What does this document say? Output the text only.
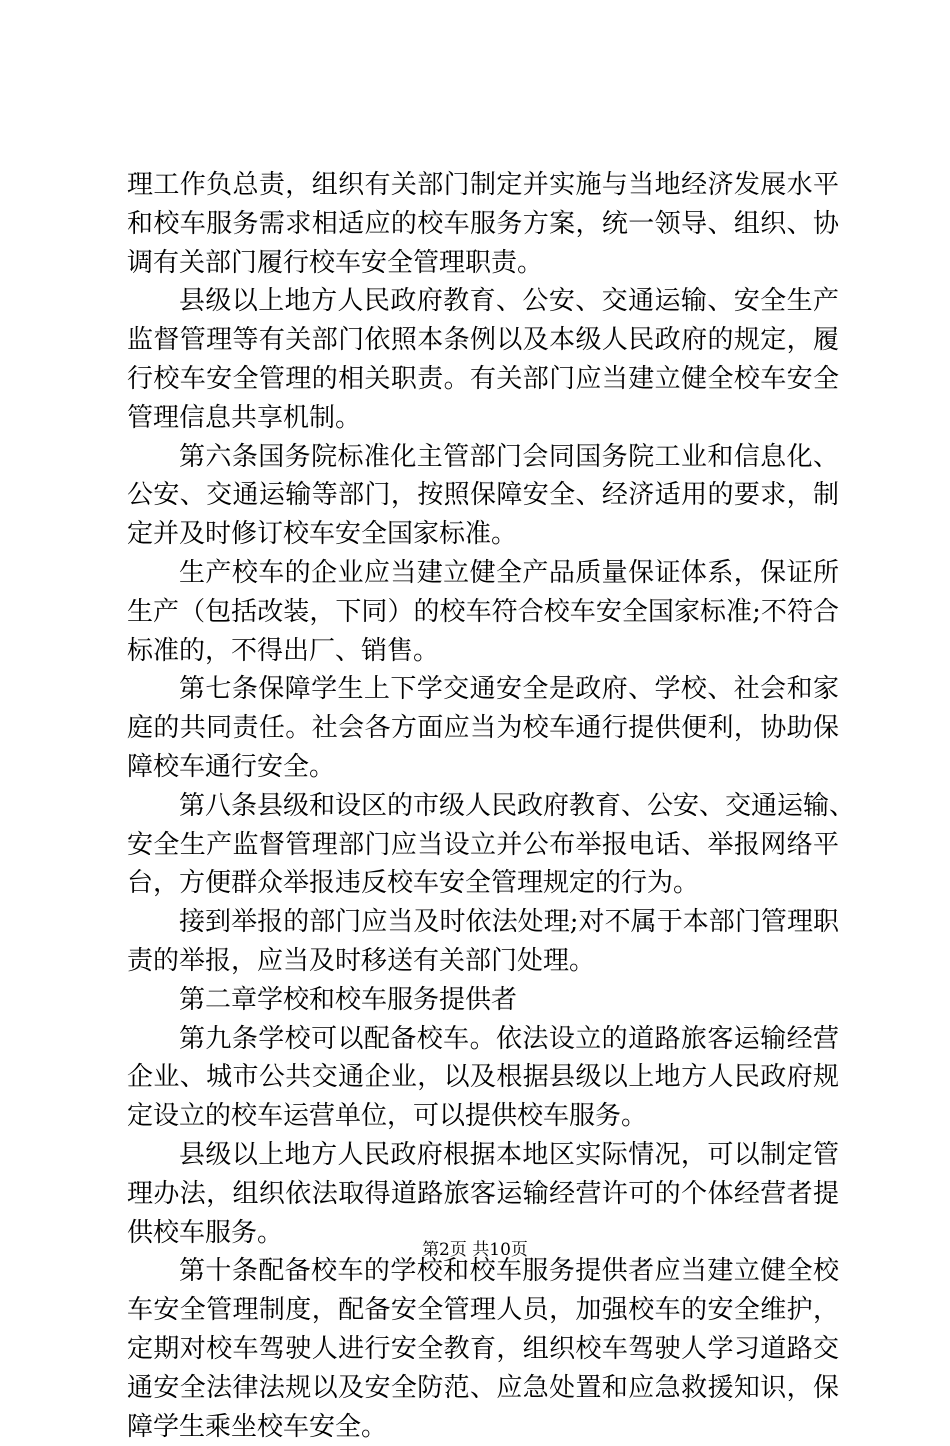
理工作负总责，组织有关部门制定并实施与当地经济发展水平
和校车服务需求相适应的校车服务方案，统一领导、组织、协
调有关部门履行校车安全管理职责。
县级以上地方人民政府教育、公安、交通运输、安全生产
监督管理等有关部门依照本条例以及本级人民政府的规定，履
行校车安全管理的相关职责。有关部门应当建立健全校车安全
管理信息共享机制。
第六条国务院标准化主管部门会同国务院工业和信息化、
公安、交通运输等部门，按照保障安全、经济适用的要求，制
定并及时修订校车安全国家标准。
生产校车的企业应当建立健全产品质量保证体系，保证所
生产（包括改装，下同）的校车符合校车安全国家标准;不符合
标准的，不得出厂、销售。
第七条保障学生上下学交通安全是政府、学校、社会和家
庭的共同责任。社会各方面应当为校车通行提供便利，协助保
障校车通行安全。
第八条县级和设区的市级人民政府教育、公安、交通运输、
安全生产监督管理部门应当设立并公布举报电话、举报网络平
台，方便群众举报违反校车安全管理规定的行为。
接到举报的部门应当及时依法处理;对不属于本部门管理职
责的举报，应当及时移送有关部门处理。
第二章学校和校车服务提供者
第九条学校可以配备校车。依法设立的道路旅客运输经营
企业、城市公共交通企业，以及根据县级以上地方人民政府规
定设立的校车运营单位，可以提供校车服务。
县级以上地方人民政府根据本地区实际情况，可以制定管
理办法，组织依法取得道路旅客运输经营许可的个体经营者提
供校车服务。
第十条配备校车的学校和校车服务提供者应当建立健全校
车安全管理制度，配备安全管理人员，加强校车的安全维护，
定期对校车驾驶人进行安全教育，组织校车驾驶人学习道路交
通安全法律法规以及安全防范、应急处置和应急救援知识，保
障学生乘坐校车安全。
第2页 共10页
